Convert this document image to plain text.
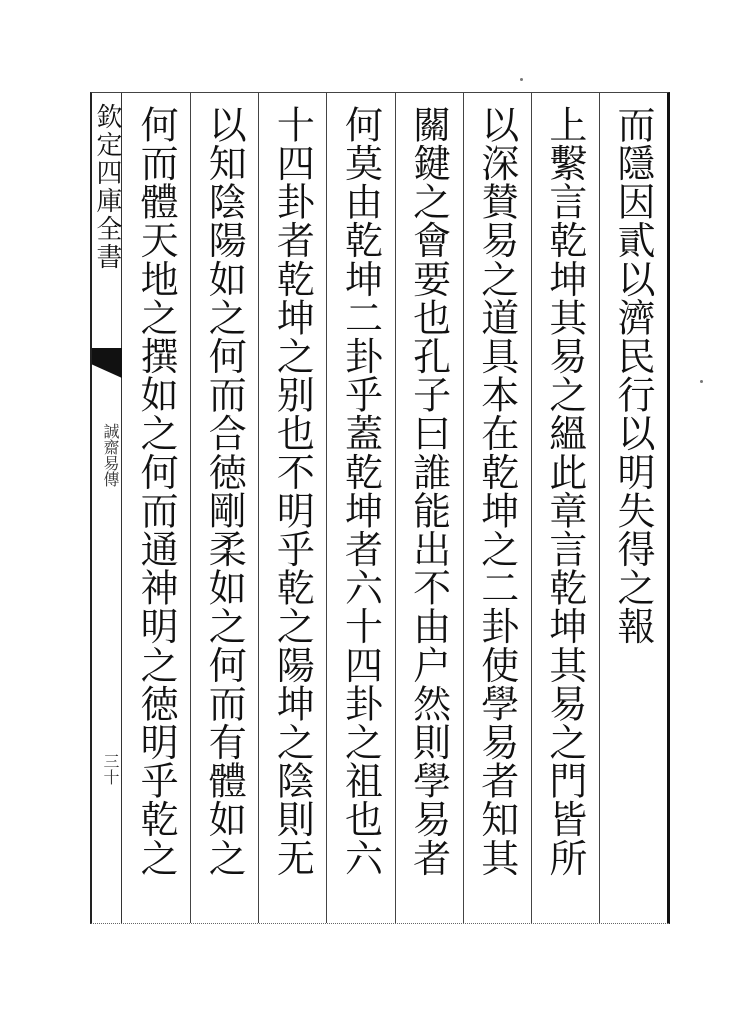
欽定四庫全書
誠齋易傳
三十
而隱因貳以濟民行以明失得之報
上繫言乾坤其易之縕此章言乾坤其易之門皆所
以深賛易之道具本在乾坤之二卦使學易者知其
關鍵之會要也孔子曰誰能出不由户然則學易者
何莫由乾坤二卦乎蓋乾坤者六十四卦之祖也六
十四卦者乾坤之别也不明乎乾之陽坤之陰則无
以知陰陽如之何而合徳剛柔如之何而有體如之
何而體天地之撰如之何而通神明之徳明乎乾之
